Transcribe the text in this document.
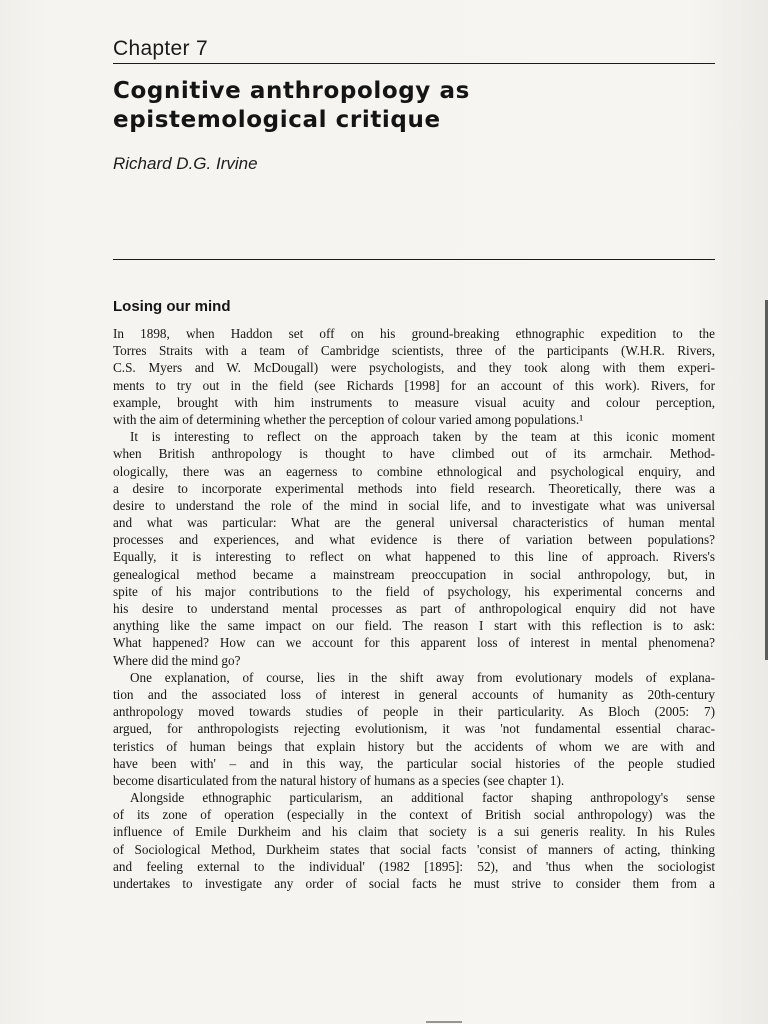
Chapter 7
Cognitive anthropology as
epistemological critique
Richard D.G. Irvine
Losing our mind
In 1898, when Haddon set off on his ground-breaking ethnographic expedition to the
Torres Straits with a team of Cambridge scientists, three of the participants (W.H.R. Rivers,
C.S. Myers and W. McDougall) were psychologists, and they took along with them experi-
ments to try out in the field (see Richards [1998] for an account of this work). Rivers, for
example, brought with him instruments to measure visual acuity and colour perception,
with the aim of determining whether the perception of colour varied among populations.¹
It is interesting to reflect on the approach taken by the team at this iconic moment
when British anthropology is thought to have climbed out of its armchair. Method-
ologically, there was an eagerness to combine ethnological and psychological enquiry, and
a desire to incorporate experimental methods into field research. Theoretically, there was a
desire to understand the role of the mind in social life, and to investigate what was universal
and what was particular: What are the general universal characteristics of human mental
processes and experiences, and what evidence is there of variation between populations?
Equally, it is interesting to reflect on what happened to this line of approach. Rivers's
genealogical method became a mainstream preoccupation in social anthropology, but, in
spite of his major contributions to the field of psychology, his experimental concerns and
his desire to understand mental processes as part of anthropological enquiry did not have
anything like the same impact on our field. The reason I start with this reflection is to ask:
What happened? How can we account for this apparent loss of interest in mental phenomena?
Where did the mind go?
One explanation, of course, lies in the shift away from evolutionary models of explana-
tion and the associated loss of interest in general accounts of humanity as 20th-century
anthropology moved towards studies of people in their particularity. As Bloch (2005: 7)
argued, for anthropologists rejecting evolutionism, it was 'not fundamental essential charac-
teristics of human beings that explain history but the accidents of whom we are with and
have been with' – and in this way, the particular social histories of the people studied
become disarticulated from the natural history of humans as a species (see chapter 1).
Alongside ethnographic particularism, an additional factor shaping anthropology's sense
of its zone of operation (especially in the context of British social anthropology) was the
influence of Emile Durkheim and his claim that society is a sui generis reality. In his Rules
of Sociological Method, Durkheim states that social facts 'consist of manners of acting, thinking
and feeling external to the individual' (1982 [1895]: 52), and 'thus when the sociologist
undertakes to investigate any order of social facts he must strive to consider them from a
